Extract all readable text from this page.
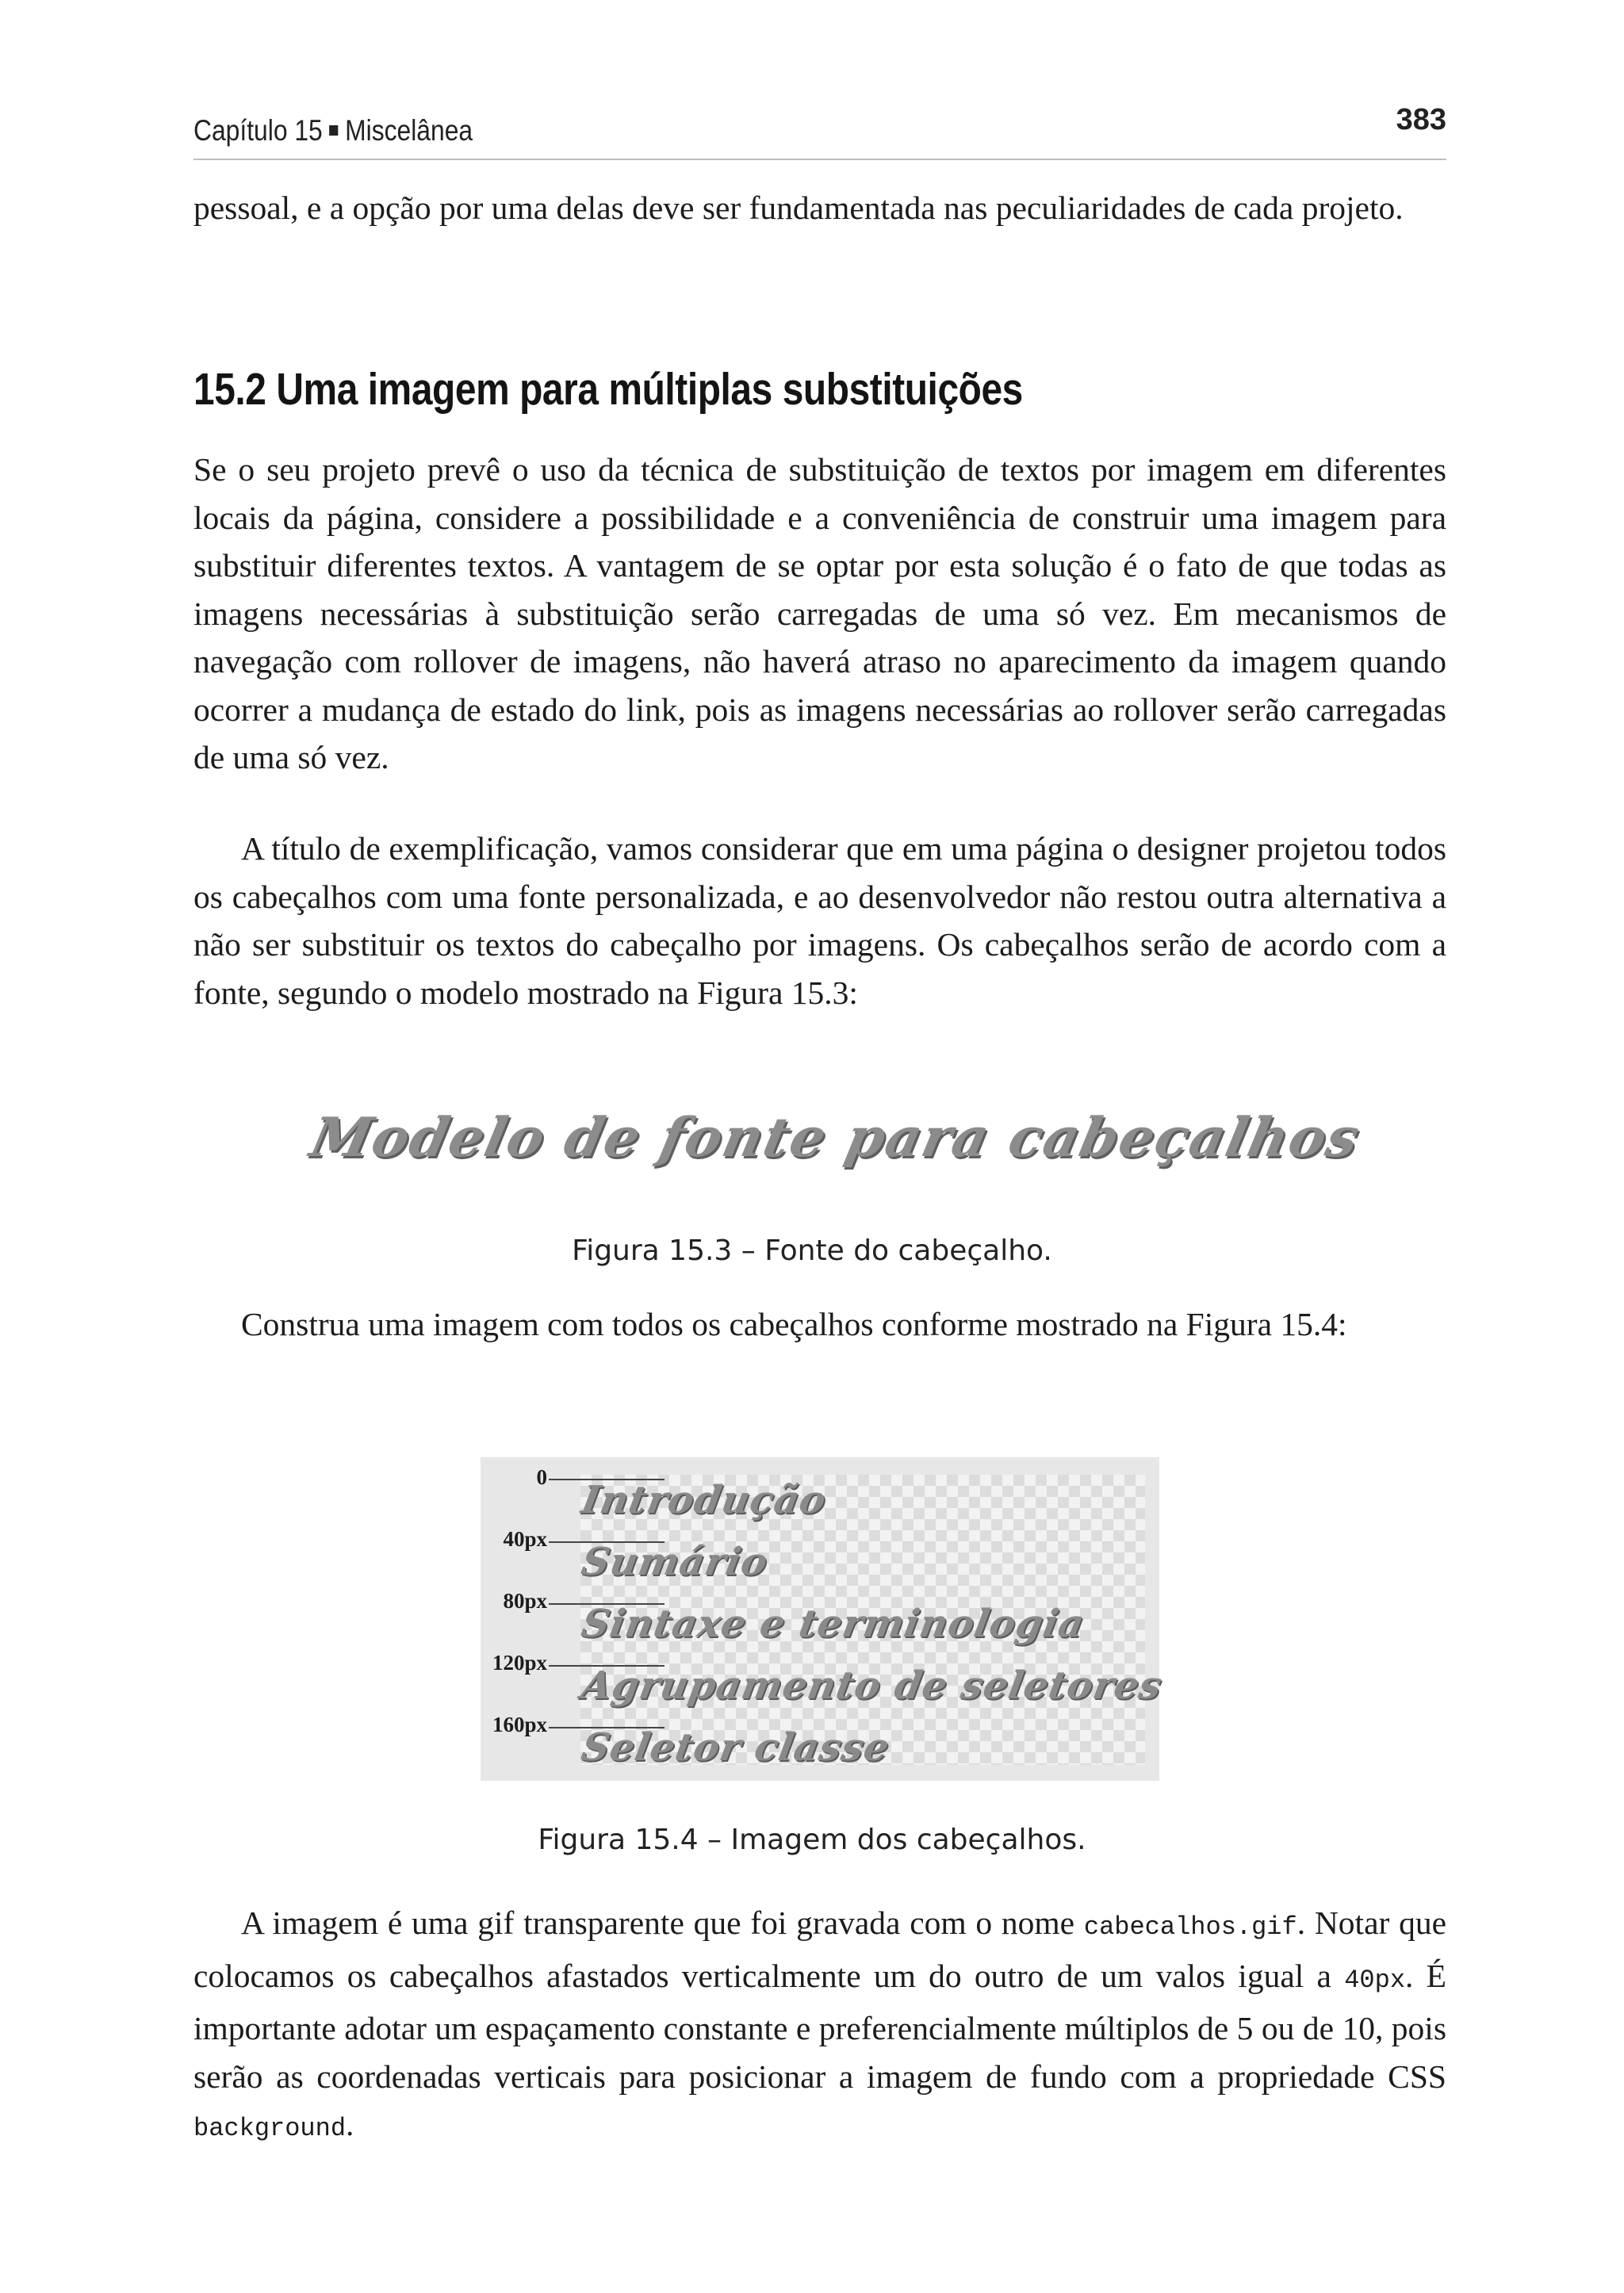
Capítulo 15 Miscelânea	383

pessoal, e a opção por uma delas deve ser fundamentada nas peculiaridades de cada projeto.

15.2 Uma imagem para múltiplas substituições

Se o seu projeto prevê o uso da técnica de substituição de textos por imagem em diferentes locais da página, considere a possibilidade e a conveniência de construir uma imagem para substituir diferentes textos. A vantagem de se optar por esta solução é o fato de que todas as imagens necessárias à substituição serão carregadas de uma só vez. Em mecanismos de navegação com rollover de imagens, não haverá atraso no aparecimento da imagem quando ocorrer a mudança de estado do link, pois as imagens necessárias ao rollover serão carregadas de uma só vez.

A título de exemplificação, vamos considerar que em uma página o designer projetou todos os cabeçalhos com uma fonte personalizada, e ao desenvolvedor não restou outra alternativa a não ser substituir os textos do cabeçalho por imagens. Os cabeçalhos serão de acordo com a fonte, segundo o modelo mostrado na Figura 15.3:

Modelo de fonte para cabeçalhos

Figura 15.3 – Fonte do cabeçalho.

Construa uma imagem com todos os cabeçalhos conforme mostrado na Figura 15.4:

0
Introdução
40px
Sumário
80px
Sintaxe e terminologia
120px
Agrupamento de seletores
160px
Seletor classe

Figura 15.4 – Imagem dos cabeçalhos.

A imagem é uma gif transparente que foi gravada com o nome cabecalhos.gif. Notar que colocamos os cabeçalhos afastados verticalmente um do outro de um valos igual a 40px. É importante adotar um espaçamento constante e preferencialmente múltiplos de 5 ou de 10, pois serão as coordenadas verticais para posicionar a imagem de fundo com a propriedade CSS background.
